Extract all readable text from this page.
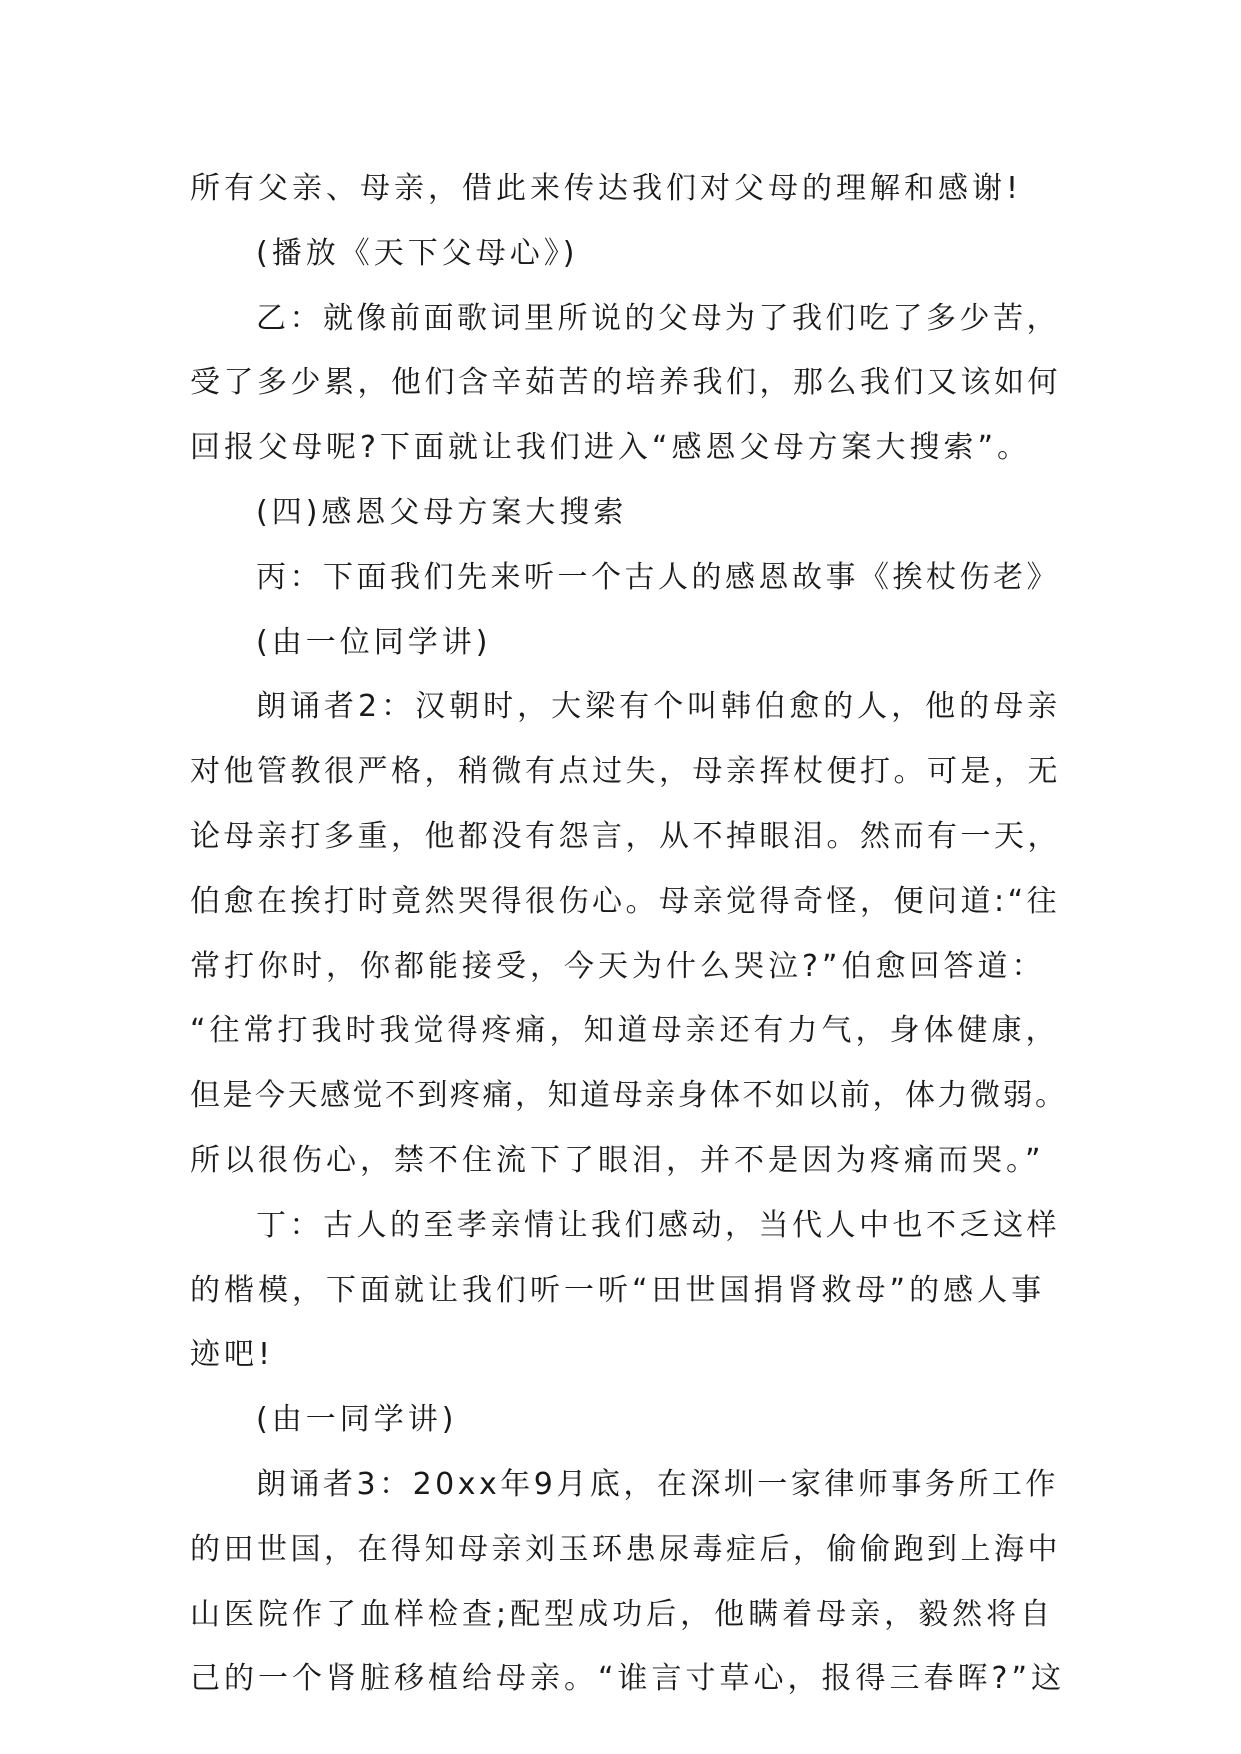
所有父亲、母亲，借此来传达我们对父母的理解和感谢!
(播放《天下父母心》)
乙：就像前面歌词里所说的父母为了我们吃了多少苦，
受了多少累，他们含辛茹苦的培养我们，那么我们又该如何
回报父母呢?下面就让我们进入“感恩父母方案大搜索”。
(四)感恩父母方案大搜索
丙：下面我们先来听一个古人的感恩故事《挨杖伤老》
(由一位同学讲)
朗诵者2：汉朝时，大梁有个叫韩伯愈的人，他的母亲
对他管教很严格，稍微有点过失，母亲挥杖便打。可是，无
论母亲打多重，他都没有怨言，从不掉眼泪。然而有一天，
伯愈在挨打时竟然哭得很伤心。母亲觉得奇怪，便问道:“往
常打你时，你都能接受，今天为什么哭泣?”伯愈回答道：
“往常打我时我觉得疼痛，知道母亲还有力气，身体健康，
但是今天感觉不到疼痛，知道母亲身体不如以前，体力微弱。
所以很伤心，禁不住流下了眼泪，并不是因为疼痛而哭。”
丁：古人的至孝亲情让我们感动，当代人中也不乏这样
的楷模，下面就让我们听一听“田世国捐肾救母”的感人事
迹吧!
(由一同学讲)
朗诵者3：20xx年9月底，在深圳一家律师事务所工作
的田世国，在得知母亲刘玉环患尿毒症后，偷偷跑到上海中
山医院作了血样检查;配型成功后，他瞒着母亲，毅然将自
己的一个肾脏移植给母亲。“谁言寸草心，报得三春晖?”这
